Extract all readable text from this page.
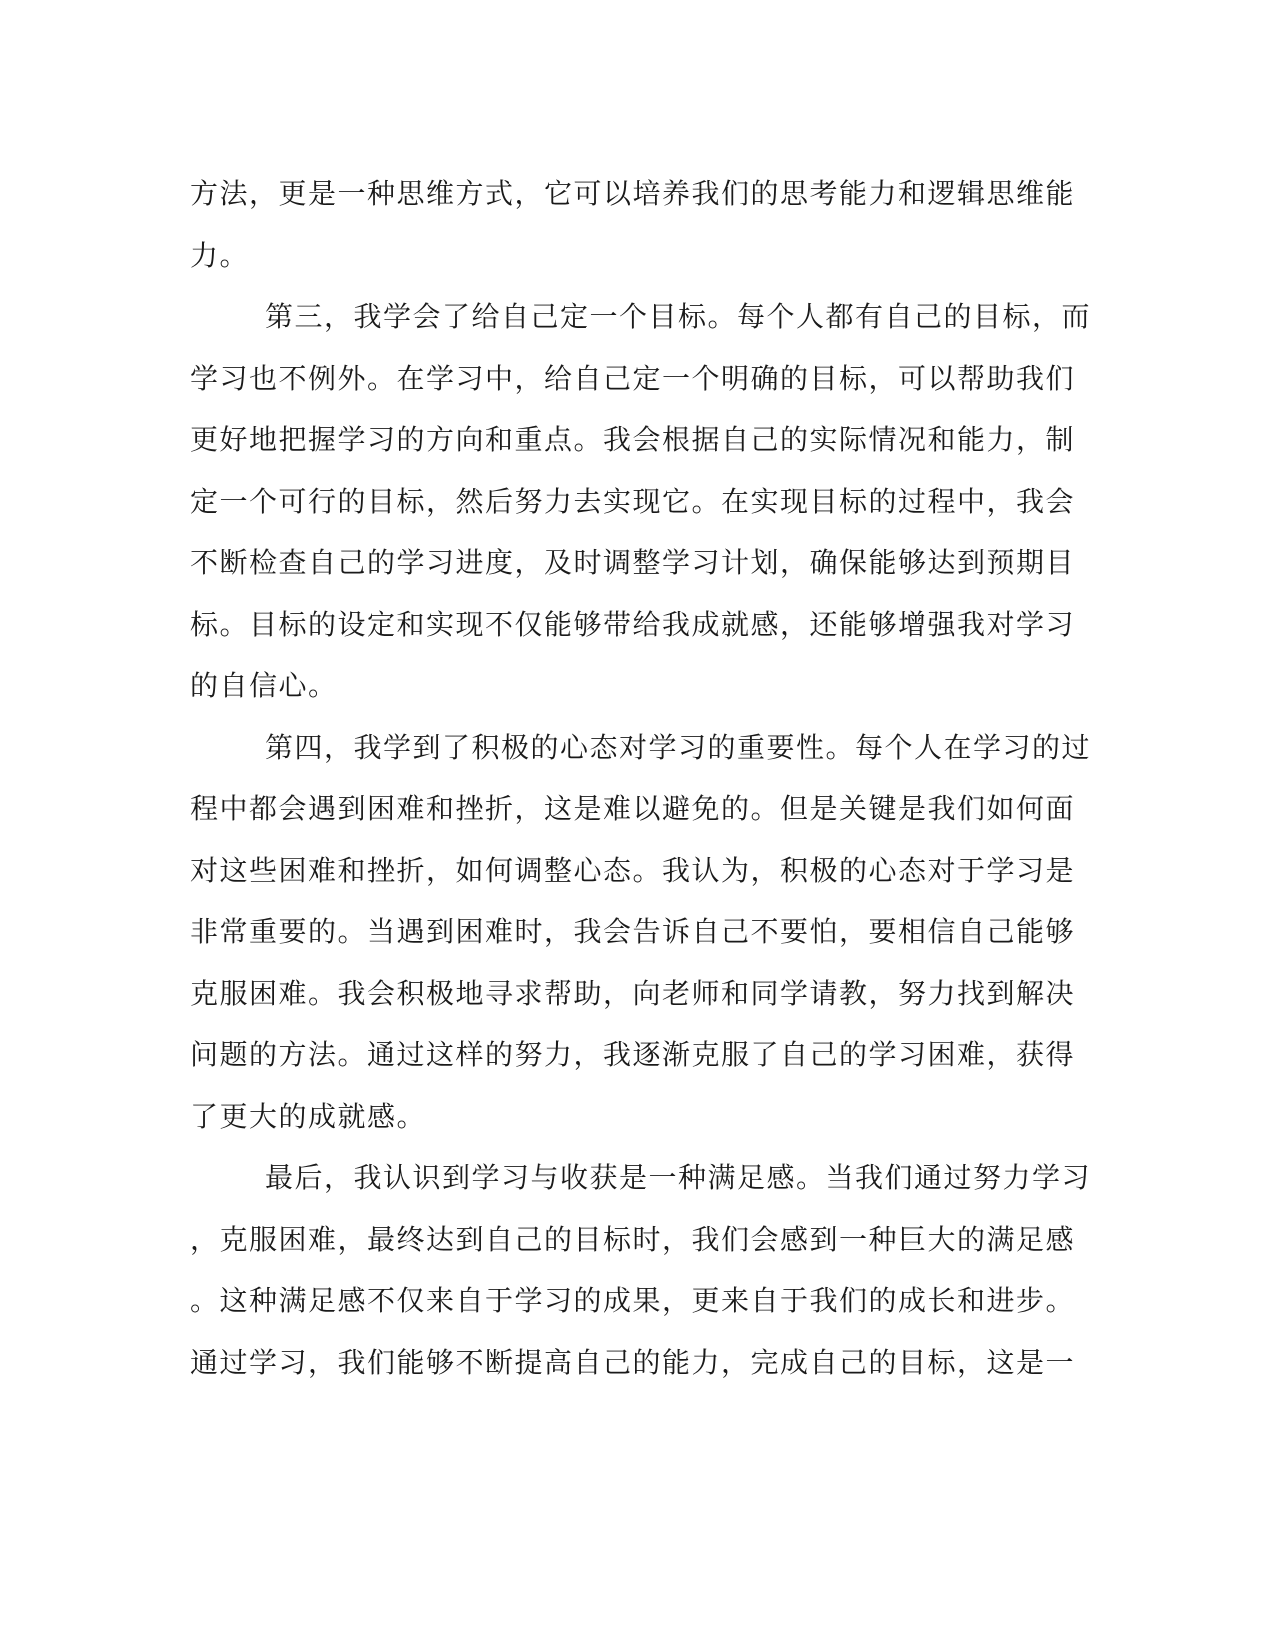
方法，更是一种思维方式，它可以培养我们的思考能力和逻辑思维能
力。
第三，我学会了给自己定一个目标。每个人都有自己的目标，而
学习也不例外。在学习中，给自己定一个明确的目标，可以帮助我们
更好地把握学习的方向和重点。我会根据自己的实际情况和能力，制
定一个可行的目标，然后努力去实现它。在实现目标的过程中，我会
不断检查自己的学习进度，及时调整学习计划，确保能够达到预期目
标。目标的设定和实现不仅能够带给我成就感，还能够增强我对学习
的自信心。
第四，我学到了积极的心态对学习的重要性。每个人在学习的过
程中都会遇到困难和挫折，这是难以避免的。但是关键是我们如何面
对这些困难和挫折，如何调整心态。我认为，积极的心态对于学习是
非常重要的。当遇到困难时，我会告诉自己不要怕，要相信自己能够
克服困难。我会积极地寻求帮助，向老师和同学请教，努力找到解决
问题的方法。通过这样的努力，我逐渐克服了自己的学习困难，获得
了更大的成就感。
最后，我认识到学习与收获是一种满足感。当我们通过努力学习
，克服困难，最终达到自己的目标时，我们会感到一种巨大的满足感
。这种满足感不仅来自于学习的成果，更来自于我们的成长和进步。
通过学习，我们能够不断提高自己的能力，完成自己的目标，这是一
